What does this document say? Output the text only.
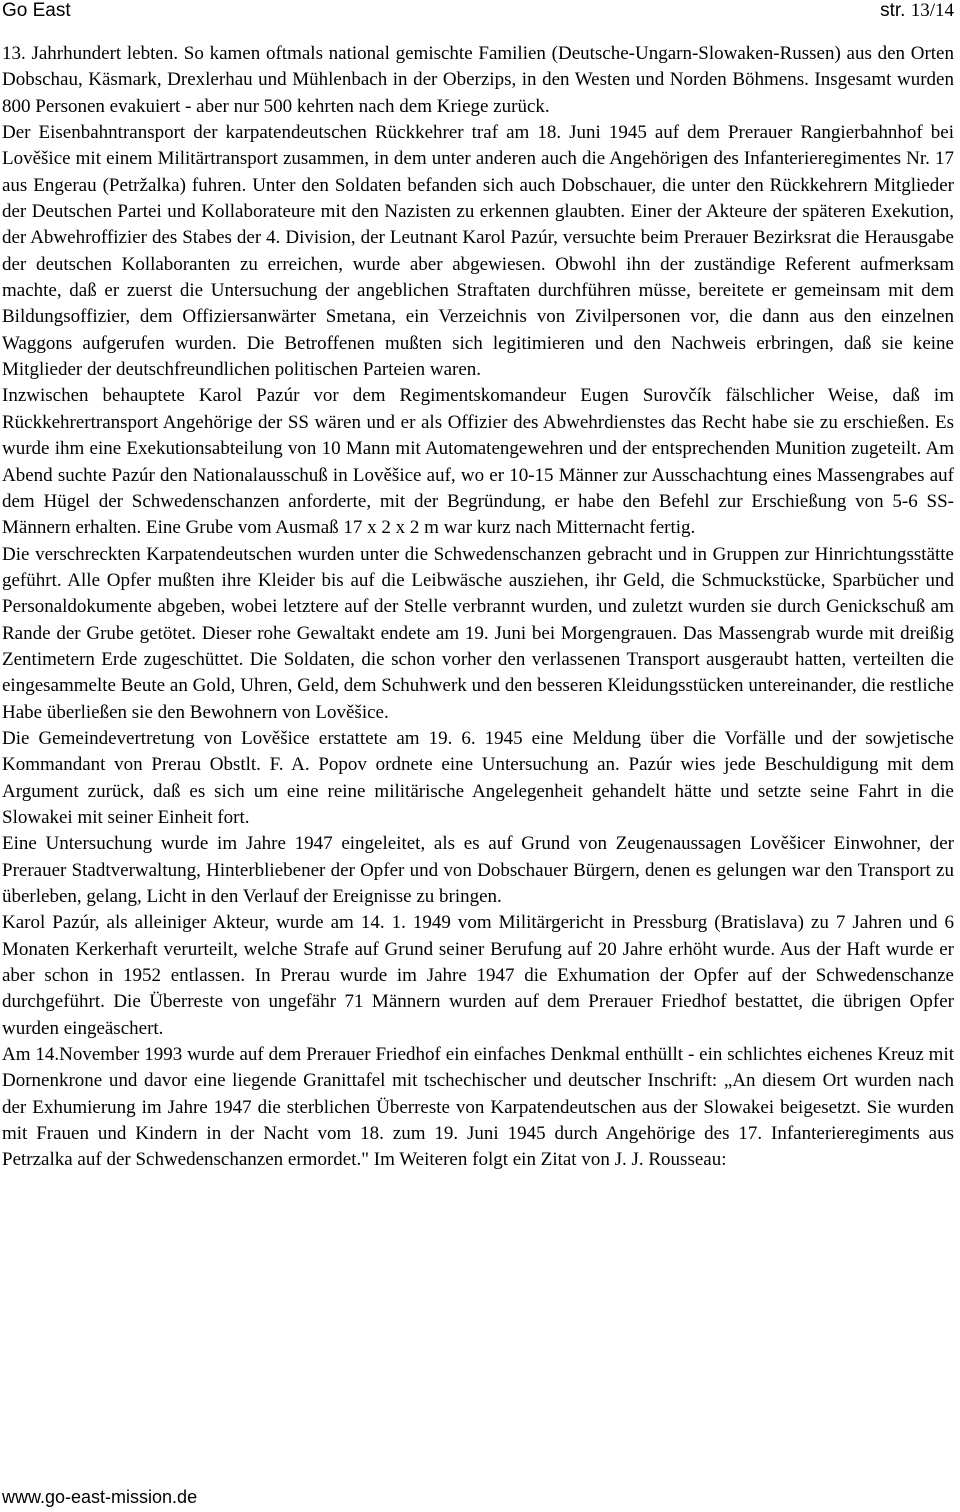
Go East	str. 13/14

13. Jahrhundert lebten. So kamen oftmals national gemischte Familien (Deutsche-Ungarn-Slowaken-Russen) aus den Orten Dobschau, Käsmark, Drexlerhau und Mühlenbach in der Oberzips, in den Westen und Norden Böhmens. Insgesamt wurden 800 Personen evakuiert - aber nur 500 kehrten nach dem Kriege zurück.

Der Eisenbahntransport der karpatendeutschen Rückkehrer traf am 18. Juni 1945 auf dem Prerauer Rangierbahnhof bei Lověšice mit einem Militärtransport zusammen, in dem unter anderen auch die Angehörigen des Infanterieregimentes Nr. 17 aus Engerau (Petržalka) fuhren. Unter den Soldaten befanden sich auch Dobschauer, die unter den Rückkehrern Mitglieder der Deutschen Partei und Kollaborateure mit den Nazisten zu erkennen glaubten. Einer der Akteure der späteren Exekution, der Abwehroffizier des Stabes der 4. Division, der Leutnant Karol Pazúr, versuchte beim Prerauer Bezirksrat die Herausgabe der deutschen Kollaboranten zu erreichen, wurde aber abgewiesen. Obwohl ihn der zuständige Referent aufmerksam machte, daß er zuerst die Untersuchung der angeblichen Straftaten durchführen müsse, bereitete er gemeinsam mit dem Bildungsoffizier, dem Offiziersanwärter Smetana, ein Verzeichnis von Zivilpersonen vor, die dann aus den einzelnen Waggons aufgerufen wurden. Die Betroffenen mußten sich legitimieren und den Nachweis erbringen, daß sie keine Mitglieder der deutschfreundlichen politischen Parteien waren.

Inzwischen behauptete Karol Pazúr vor dem Regimentskomandeur Eugen Surovčík fälschlicher Weise, daß im Rückkehrertransport Angehörige der SS wären und er als Offizier des Abwehrdienstes das Recht habe sie zu erschießen. Es wurde ihm eine Exekutionsabteilung von 10 Mann mit Automatengewehren und der entsprechenden Munition zugeteilt. Am Abend suchte Pazúr den Nationalausschuß in Lověšice auf, wo er 10-15 Männer zur Ausschachtung eines Massengrabes auf dem Hügel der Schwedenschanzen anforderte, mit der Begründung, er habe den Befehl zur Erschießung von 5-6 SS-Männern erhalten. Eine Grube vom Ausmaß 17 x 2 x 2 m war kurz nach Mitternacht fertig.

Die verschreckten Karpatendeutschen wurden unter die Schwedenschanzen gebracht und in Gruppen zur Hinrichtungsstätte geführt. Alle Opfer mußten ihre Kleider bis auf die Leibwäsche ausziehen, ihr Geld, die Schmuckstücke, Sparbücher und Personaldokumente abgeben, wobei letztere auf der Stelle verbrannt wurden, und zuletzt wurden sie durch Genickschuß am Rande der Grube getötet. Dieser rohe Gewaltakt endete am 19. Juni bei Morgengrauen. Das Massengrab wurde mit dreißig Zentimetern Erde zugeschüttet. Die Soldaten, die schon vorher den verlassenen Transport ausgeraubt hatten, verteilten die eingesammelte Beute an Gold, Uhren, Geld, dem Schuhwerk und den besseren Kleidungsstücken untereinander, die restliche Habe überließen sie den Bewohnern von Lověšice.

Die Gemeindevertretung von Lověšice erstattete am 19. 6. 1945 eine Meldung über die Vorfälle und der sowjetische Kommandant von Prerau Obstlt. F. A. Popov ordnete eine Untersuchung an. Pazúr wies jede Beschuldigung mit dem Argument zurück, daß es sich um eine reine militärische Angelegenheit gehandelt hätte und setzte seine Fahrt in die Slowakei mit seiner Einheit fort.

Eine Untersuchung wurde im Jahre 1947 eingeleitet, als es auf Grund von Zeugenaussagen Lověšicer Einwohner, der Prerauer Stadtverwaltung, Hinterbliebener der Opfer und von Dobschauer Bürgern, denen es gelungen war den Transport zu überleben, gelang, Licht in den Verlauf der Ereignisse zu bringen.

Karol Pazúr, als alleiniger Akteur, wurde am 14. 1. 1949 vom Militärgericht in Pressburg (Bratislava) zu 7 Jahren und 6 Monaten Kerkerhaft verurteilt, welche Strafe auf Grund seiner Berufung auf 20 Jahre erhöht wurde. Aus der Haft wurde er aber schon in 1952 entlassen. In Prerau wurde im Jahre 1947 die Exhumation der Opfer auf der Schwedenschanze durchgeführt. Die Überreste von ungefähr 71 Männern wurden auf dem Prerauer Friedhof bestattet, die übrigen Opfer wurden eingeäschert.

Am 14.November 1993 wurde auf dem Prerauer Friedhof ein einfaches Denkmal enthüllt - ein schlichtes eichenes Kreuz mit Dornenkrone und davor eine liegende Granittafel mit tschechischer und deutscher Inschrift: „An diesem Ort wurden nach der Exhumierung im Jahre 1947 die sterblichen Überreste von Karpatendeutschen aus der Slowakei beigesetzt. Sie wurden mit Frauen und Kindern in der Nacht vom 18. zum 19. Juni 1945 durch Angehörige des 17. Infanterieregiments aus Petrzalka auf der Schwedenschanzen ermordet." Im Weiteren folgt ein Zitat von J. J. Rousseau:

www.go-east-mission.de
